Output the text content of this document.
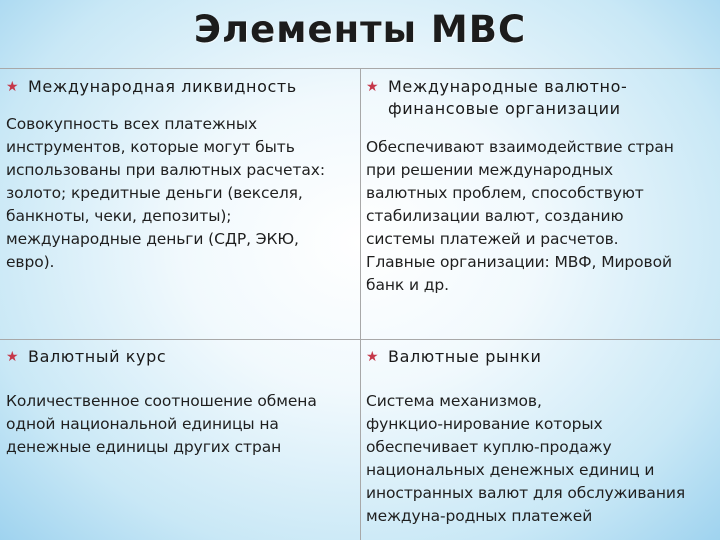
Элементы МВС
★ Международная ликвидность
Совокупность всех платежных
инструментов, которые могут быть
использованы при валютных расчетах:
золото; кредитные деньги (векселя,
банкноты, чеки, депозиты);
международные деньги (СДР, ЭКЮ,
евро).
★ Международные валютно-
финансовые организации
Обеспечивают взаимодействие стран
при решении международных
валютных проблем, способствуют
стабилизации валют, созданию
системы платежей и расчетов.
Главные организации: МВФ, Мировой
банк и др.
★ Валютный курс
Количественное соотношение обмена
одной национальной единицы на
денежные единицы других стран
★ Валютные рынки
Система механизмов,
функцио-нирование которых
обеспечивает куплю-продажу
национальных денежных единиц и
иностранных валют для обслуживания
междуна-родных платежей
